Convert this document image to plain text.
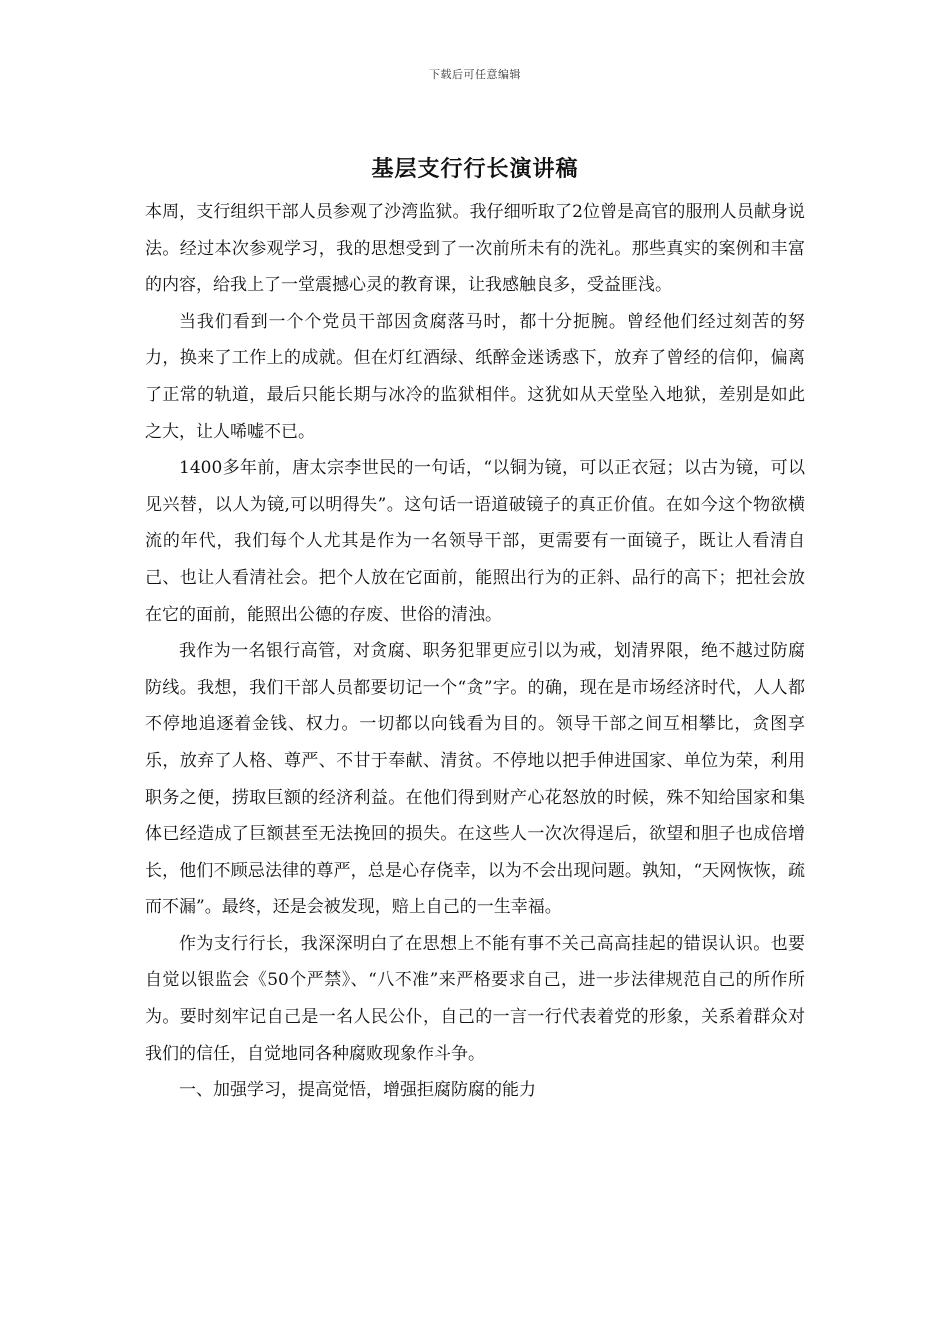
下载后可任意编辑
基层支行行长演讲稿

本周，支行组织干部人员参观了沙湾监狱。我仔细听取了2位曾是高官的服刑人员献身说法。经过本次参观学习，我的思想受到了一次前所未有的洗礼。那些真实的案例和丰富的内容，给我上了一堂震撼心灵的教育课，让我感触良多，受益匪浅。

当我们看到一个个党员干部因贪腐落马时，都十分扼腕。曾经他们经过刻苦的努力，换来了工作上的成就。但在灯红酒绿、纸醉金迷诱惑下，放弃了曾经的信仰，偏离了正常的轨道，最后只能长期与冰冷的监狱相伴。这犹如从天堂坠入地狱，差别是如此之大，让人唏嘘不已。

1400多年前，唐太宗李世民的一句话，“以铜为镜，可以正衣冠；以古为镜，可以见兴替，以人为镜,可以明得失”。这句话一语道破镜子的真正价值。在如今这个物欲横流的年代，我们每个人尤其是作为一名领导干部，更需要有一面镜子，既让人看清自己、也让人看清社会。把个人放在它面前，能照出行为的正斜、品行的高下；把社会放在它的面前，能照出公德的存废、世俗的清浊。

我作为一名银行高管，对贪腐、职务犯罪更应引以为戒，划清界限，绝不越过防腐防线。我想，我们干部人员都要切记一个“贪”字。的确，现在是市场经济时代，人人都不停地追逐着金钱、权力。一切都以向钱看为目的。领导干部之间互相攀比，贪图享乐，放弃了人格、尊严、不甘于奉献、清贫。不停地以把手伸进国家、单位为荣，利用职务之便，捞取巨额的经济利益。在他们得到财产心花怒放的时候，殊不知给国家和集体已经造成了巨额甚至无法挽回的损失。在这些人一次次得逞后，欲望和胆子也成倍增长，他们不顾忌法律的尊严，总是心存侥幸，以为不会出现问题。孰知，“天网恢恢，疏而不漏”。最终，还是会被发现，赔上自己的一生幸福。

作为支行行长，我深深明白了在思想上不能有事不关己高高挂起的错误认识。也要自觉以银监会《50个严禁》、“八不准”来严格要求自己，进一步法律规范自己的所作所为。要时刻牢记自己是一名人民公仆，自己的一言一行代表着党的形象，关系着群众对我们的信任，自觉地同各种腐败现象作斗争。

一、加强学习，提高觉悟，增强拒腐防腐的能力
